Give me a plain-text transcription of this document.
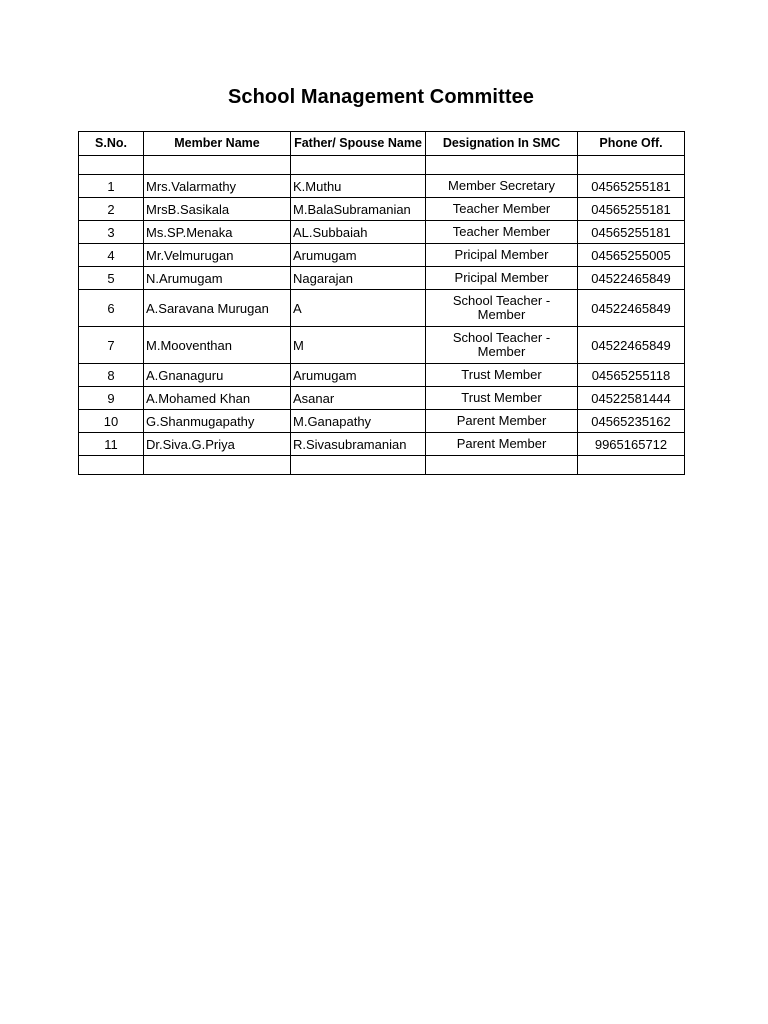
School Management Committee
S.No.	Member Name	Father/ Spouse Name	Designation In SMC	Phone Off.

1	Mrs.Valarmathy	K.Muthu	Member Secretary	04565255181
2	MrsB.Sasikala	M.BalaSubramanian	Teacher Member	04565255181
3	Ms.SP.Menaka	AL.Subbaiah	Teacher Member	04565255181
4	Mr.Velmurugan	Arumugam	Pricipal Member	04565255005
5	N.Arumugam	Nagarajan	Pricipal Member	04522465849
6	A.Saravana Murugan	A	School Teacher - Member	04522465849
7	M.Mooventhan	M	School Teacher - Member	04522465849
8	A.Gnanaguru	Arumugam	Trust Member	04565255118
9	A.Mohamed Khan	Asanar	Trust Member	04522581444
10	G.Shanmugapathy	M.Ganapathy	Parent Member	04565235162
11	Dr.Siva.G.Priya	R.Sivasubramanian	Parent Member	9965165712
